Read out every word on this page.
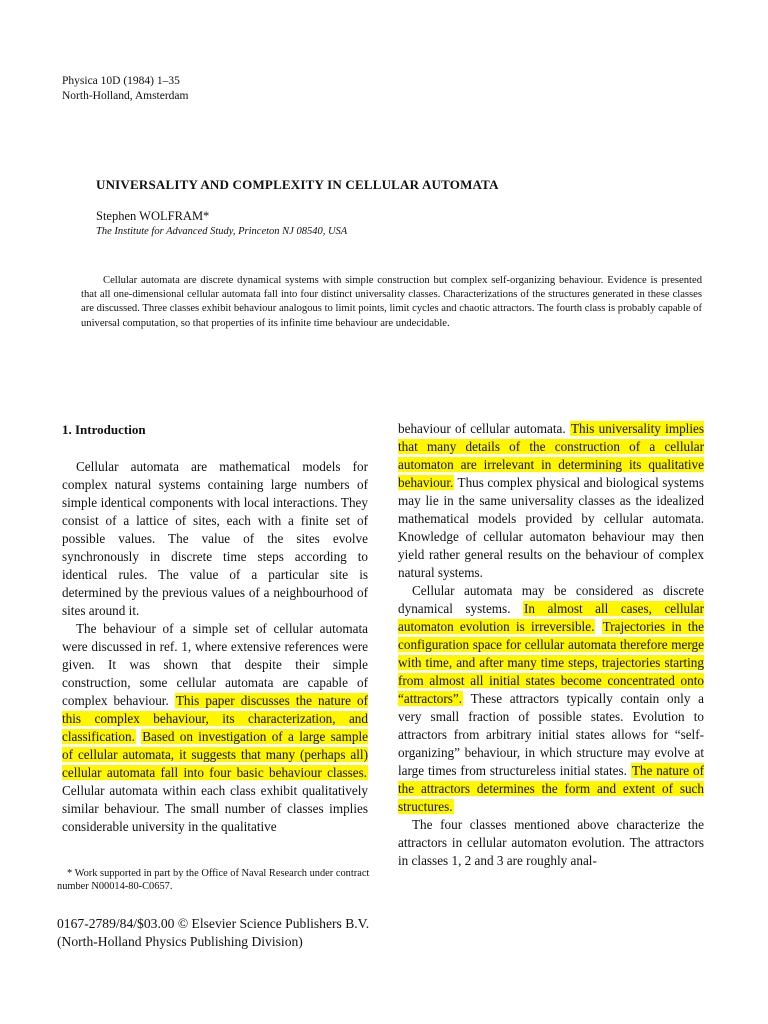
Physica 10D (1984) 1–35
North-Holland, Amsterdam
UNIVERSALITY AND COMPLEXITY IN CELLULAR AUTOMATA
Stephen WOLFRAM*
The Institute for Advanced Study, Princeton NJ 08540, USA

Cellular automata are discrete dynamical systems with simple construction but complex self-organizing behaviour. Evidence is presented that all one-dimensional cellular automata fall into four distinct universality classes. Characterizations of the structures generated in these classes are discussed. Three classes exhibit behaviour analogous to limit points, limit cycles and chaotic attractors. The fourth class is probably capable of universal computation, so that properties of its infinite time behaviour are undecidable.

1. Introduction

Cellular automata are mathematical models for complex natural systems containing large numbers of simple identical components with local interactions. They consist of a lattice of sites, each with a finite set of possible values. The value of the sites evolve synchronously in discrete time steps according to identical rules. The value of a particular site is determined by the previous values of a neighbourhood of sites around it.

The behaviour of a simple set of cellular automata were discussed in ref. 1, where extensive references were given. It was shown that despite their simple construction, some cellular automata are capable of complex behaviour. This paper discusses the nature of this complex behaviour, its characterization, and classification. Based on investigation of a large sample of cellular automata, it suggests that many (perhaps all) cellular automata fall into four basic behaviour classes. Cellular automata within each class exhibit qualitatively similar behaviour. The small number of classes implies considerable university in the qualitative

behaviour of cellular automata. This universality implies that many details of the construction of a cellular automaton are irrelevant in determining its qualitative behaviour. Thus complex physical and biological systems may lie in the same universality classes as the idealized mathematical models provided by cellular automata. Knowledge of cellular automaton behaviour may then yield rather general results on the behaviour of complex natural systems.

Cellular automata may be considered as discrete dynamical systems. In almost all cases, cellular automaton evolution is irreversible. Trajectories in the configuration space for cellular automata therefore merge with time, and after many time steps, trajectories starting from almost all initial states become concentrated onto “attractors”. These attractors typically contain only a very small fraction of possible states. Evolution to attractors from arbitrary initial states allows for “self-organizing” behaviour, in which structure may evolve at large times from structureless initial states. The nature of the attractors determines the form and extent of such structures.

The four classes mentioned above characterize the attractors in cellular automaton evolution. The attractors in classes 1, 2 and 3 are roughly anal-

* Work supported in part by the Office of Naval Research under contract number N00014-80-C0657.

0167-2789/84/$03.00 © Elsevier Science Publishers B.V.
(North-Holland Physics Publishing Division)
